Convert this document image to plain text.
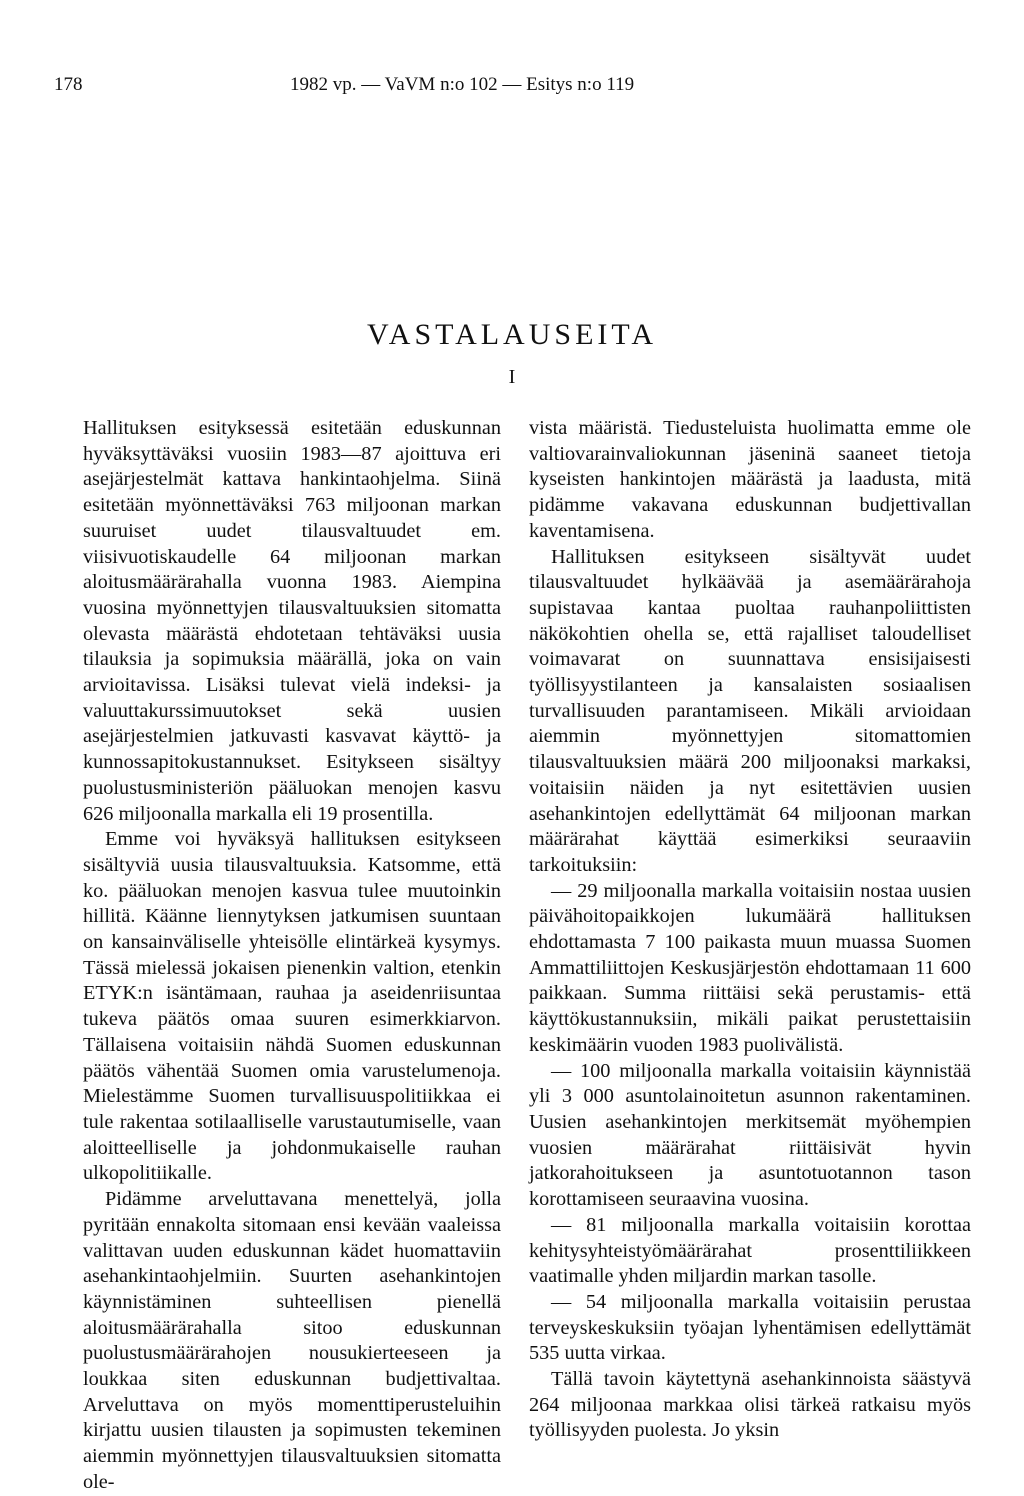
178	1982 vp. — VaVM n:o 102 — Esitys n:o 119
VASTALAUSEITA
I

Hallituksen esityksessä esitetään eduskunnan hyväksyttäväksi vuosiin 1983—87 ajoittuva eri asejärjestelmät kattava hankintaohjelma. Siinä esitetään myönnettäväksi 763 miljoonan markan suuruiset uudet tilausvaltuudet em. viisivuotiskaudelle 64 miljoonan markan aloitusmäärärahalla vuonna 1983. Aiempina vuosina myönnettyjen tilausvaltuuksien sitomatta olevasta määrästä ehdotetaan tehtäväksi uusia tilauksia ja sopimuksia määrällä, joka on vain arvioitavissa. Lisäksi tulevat vielä indeksi- ja valuuttakurssimuutokset sekä uusien asejärjestelmien jatkuvasti kasvavat käyttö- ja kunnossapitokustannukset. Esitykseen sisältyy puolustusministeriön pääluokan menojen kasvu 626 miljoonalla markalla eli 19 prosentilla.

Emme voi hyväksyä hallituksen esitykseen sisältyviä uusia tilausvaltuuksia. Katsomme, että ko. pääluokan menojen kasvua tulee muutoinkin hillitä. Käänne liennytyksen jatkumisen suuntaan on kansainväliselle yhteisölle elintärkeä kysymys. Tässä mielessä jokaisen pienenkin valtion, etenkin ETYK:n isäntämaan, rauhaa ja aseidenriisuntaa tukeva päätös omaa suuren esimerkkiarvon. Tällaisena voitaisiin nähdä Suomen eduskunnan päätös vähentää Suomen omia varustelumenoja. Mielestämme Suomen turvallisuuspolitiikkaa ei tule rakentaa sotilaalliselle varustautumiselle, vaan aloitteelliselle ja johdonmukaiselle rauhan ulkopolitiikalle.

Pidämme arveluttavana menettelyä, jolla pyritään ennakolta sitomaan ensi kevään vaaleissa valittavan uuden eduskunnan kädet huomattaviin asehankintaohjelmiin. Suurten asehankintojen käynnistäminen suhteellisen pienellä aloitusmäärärahalla sitoo eduskunnan puolustusmäärärahojen nousukierteeseen ja loukkaa siten eduskunnan budjettivaltaa. Arveluttava on myös momenttiperusteluihin kirjattu uusien tilausten ja sopimusten tekeminen aiemmin myönnettyjen tilausvaltuuksien sitomatta ole-

vista määristä. Tiedusteluista huolimatta emme ole valtiovarainvaliokunnan jäseninä saaneet tietoja kyseisten hankintojen määrästä ja laadusta, mitä pidämme vakavana eduskunnan budjettivallan kaventamisena.

Hallituksen esitykseen sisältyvät uudet tilausvaltuudet hylkäävää ja asemäärärahoja supistavaa kantaa puoltaa rauhanpoliittisten näkökohtien ohella se, että rajalliset taloudelliset voimavarat on suunnattava ensisijaisesti työllisyystilanteen ja kansalaisten sosiaalisen turvallisuuden parantamiseen. Mikäli arvioidaan aiemmin myönnettyjen sitomattomien tilausvaltuuksien määrä 200 miljoonaksi markaksi, voitaisiin näiden ja nyt esitettävien uusien asehankintojen edellyttämät 64 miljoonan markan määrärahat käyttää esimerkiksi seuraaviin tarkoituksiin:

— 29 miljoonalla markalla voitaisiin nostaa uusien päivähoitopaikkojen lukumäärä hallituksen ehdottamasta 7 100 paikasta muun muassa Suomen Ammattiliittojen Keskusjärjestön ehdottamaan 11 600 paikkaan. Summa riittäisi sekä perustamis- että käyttökustannuksiin, mikäli paikat perustettaisiin keskimäärin vuoden 1983 puolivälistä.

— 100 miljoonalla markalla voitaisiin käynnistää yli 3 000 asuntolainoitetun asunnon rakentaminen. Uusien asehankintojen merkitsemät myöhempien vuosien määrärahat riittäisivät hyvin jatkorahoitukseen ja asuntotuotannon tason korottamiseen seuraavina vuosina.

— 81 miljoonalla markalla voitaisiin korottaa kehitysyhteistyömäärärahat prosenttiliikkeen vaatimalle yhden miljardin markan tasolle.

— 54 miljoonalla markalla voitaisiin perustaa terveyskeskuksiin työajan lyhentämisen edellyttämät 535 uutta virkaa.

Tällä tavoin käytettynä asehankinnoista säästyvä 264 miljoonaa markkaa olisi tärkeä ratkaisu myös työllisyyden puolesta. Jo yksin
